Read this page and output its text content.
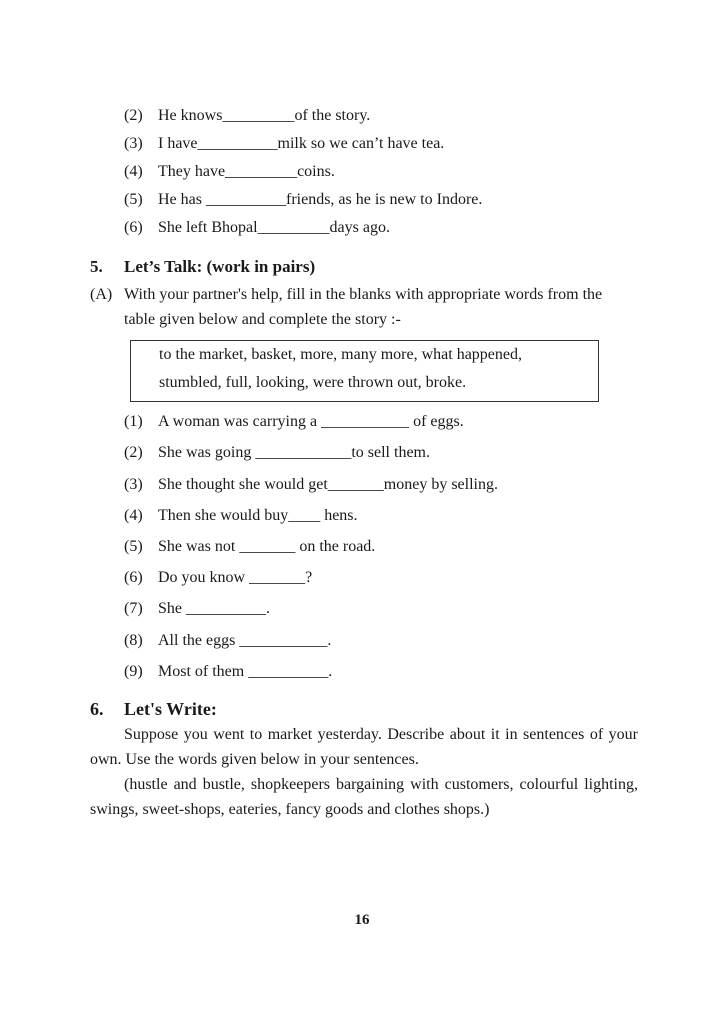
(2) He knows_________of the story.
(3) I have__________milk so we can’t have tea.
(4) They have_________coins.
(5) He has __________friends, as he is new to Indore.
(6) She left Bhopal_________days ago.
5. Let’s Talk: (work in pairs)
(A) With your partner's help, fill in the blanks with appropriate words from the
table given below and complete the story :-
to the market, basket, more, many more, what happened,
stumbled, full, looking, were thrown out, broke.
(1) A woman was carrying a ___________ of eggs.
(2) She was going ____________to sell them.
(3) She thought she would get_______money by selling.
(4) Then she would buy____ hens.
(5) She was not _______ on the road.
(6) Do you know _______?
(7) She __________.
(8) All the eggs ___________.
(9) Most of them __________.
6. Let's Write:
Suppose you went to market yesterday. Describe about it in sentences of your own. Use the words given below in your sentences.
(hustle and bustle, shopkeepers bargaining with customers, colourful lighting, swings, sweet-shops, eateries, fancy goods and clothes shops.)
16
